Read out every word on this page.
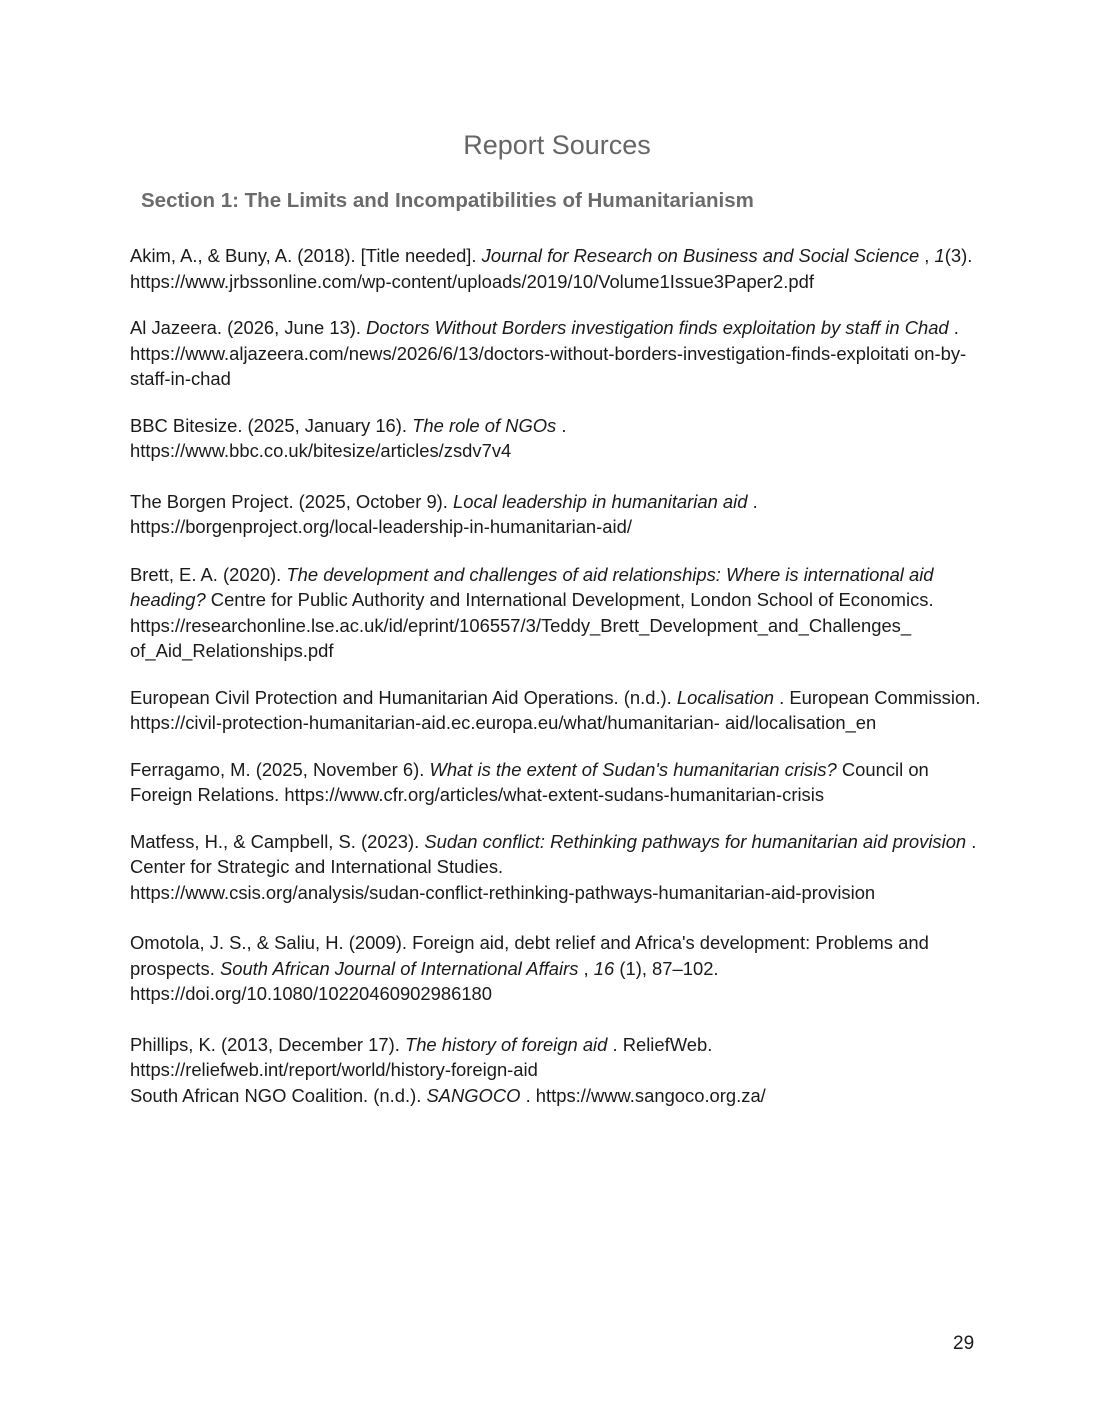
Report Sources
Section 1: The Limits and Incompatibilities of Humanitarianism

Akim, A., & Buny, A. (2018). [Title needed]. Journal for Research on Business and Social Science , 1(3).
https://www.jrbssonline.com/wp-content/uploads/2019/10/Volume1Issue3Paper2.pdf

Al Jazeera. (2026, June 13). Doctors Without Borders investigation finds exploitation by staff in Chad .
https://www.aljazeera.com/news/2026/6/13/doctors-without-borders-investigation-finds-exploitati on-by-staff-in-chad

BBC Bitesize. (2025, January 16). The role of NGOs .
https://www.bbc.co.uk/bitesize/articles/zsdv7v4

The Borgen Project. (2025, October 9). Local leadership in humanitarian aid .
https://borgenproject.org/local-leadership-in-humanitarian-aid/

Brett, E. A. (2020). The development and challenges of aid relationships: Where is international aid heading? Centre for Public Authority and International Development, London School of Economics.
https://researchonline.lse.ac.uk/id/eprint/106557/3/Teddy_Brett_Development_and_Challenges_ of_Aid_Relationships.pdf

European Civil Protection and Humanitarian Aid Operations. (n.d.). Localisation . European Commission. https://civil-protection-humanitarian-aid.ec.europa.eu/what/humanitarian- aid/localisation_en

Ferragamo, M. (2025, November 6). What is the extent of Sudan's humanitarian crisis? Council on Foreign Relations. https://www.cfr.org/articles/what-extent-sudans-humanitarian-crisis

Matfess, H., & Campbell, S. (2023). Sudan conflict: Rethinking pathways for humanitarian aid provision . Center for Strategic and International Studies.
https://www.csis.org/analysis/sudan-conflict-rethinking-pathways-humanitarian-aid-provision

Omotola, J. S., & Saliu, H. (2009). Foreign aid, debt relief and Africa's development: Problems and prospects. South African Journal of International Affairs , 16 (1), 87–102.
https://doi.org/10.1080/10220460902986180

Phillips, K. (2013, December 17). The history of foreign aid . ReliefWeb.
https://reliefweb.int/report/world/history-foreign-aid

South African NGO Coalition. (n.d.). SANGOCO . https://www.sangoco.org.za/

29
